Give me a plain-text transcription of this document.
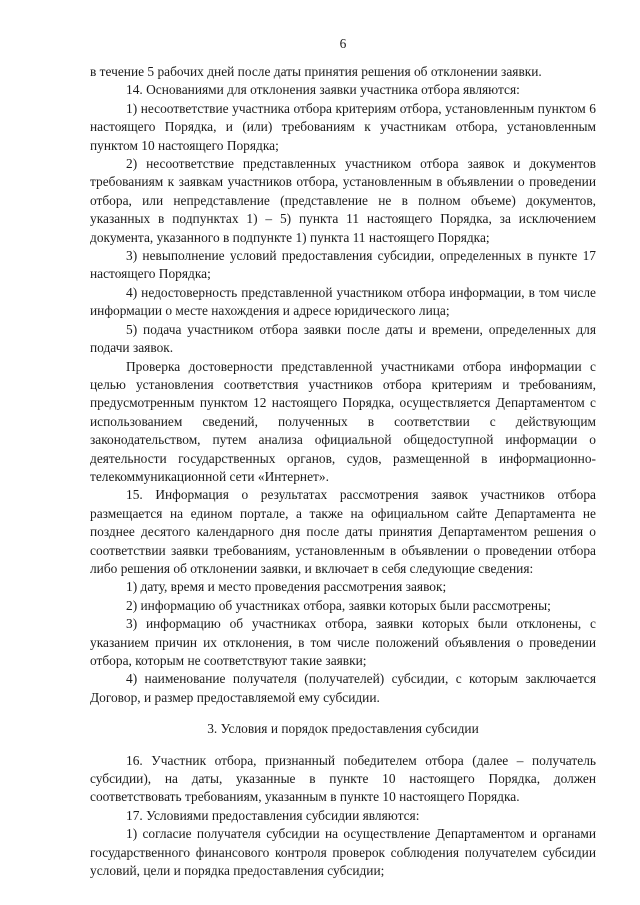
6

в течение 5 рабочих дней после даты принятия решения об отклонении заявки.

14. Основаниями для отклонения заявки участника отбора являются:

1) несоответствие участника отбора критериям отбора, установленным пунктом 6 настоящего Порядка, и (или) требованиям к участникам отбора, установленным пунктом 10 настоящего Порядка;

2) несоответствие представленных участником отбора заявок и документов требованиям к заявкам участников отбора, установленным в объявлении о проведении отбора, или непредставление (представление не в полном объеме) документов, указанных в подпунктах 1) – 5) пункта 11 настоящего Порядка, за исключением документа, указанного в подпункте 1) пункта 11 настоящего Порядка;

3) невыполнение условий предоставления субсидии, определенных в пункте 17 настоящего Порядка;

4) недостоверность представленной участником отбора информации, в том числе информации о месте нахождения и адресе юридического лица;

5) подача участником отбора заявки после даты и времени, определенных для подачи заявок.

Проверка достоверности представленной участниками отбора информации с целью установления соответствия участников отбора критериям и требованиям, предусмотренным пунктом 12 настоящего Порядка, осуществляется Департаментом с использованием сведений, полученных в соответствии с действующим законодательством, путем анализа официальной общедоступной информации о деятельности государственных органов, судов, размещенной в информационно-телекоммуникационной сети «Интернет».

15. Информация о результатах рассмотрения заявок участников отбора размещается на едином портале, а также на официальном сайте Департамента не позднее десятого календарного дня после даты принятия Департаментом решения о соответствии заявки требованиям, установленным в объявлении о проведении отбора либо решения об отклонении заявки, и включает в себя следующие сведения:

1) дату, время и место проведения рассмотрения заявок;

2) информацию об участниках отбора, заявки которых были рассмотрены;

3) информацию об участниках отбора, заявки которых были отклонены, с указанием причин их отклонения, в том числе положений объявления о проведении отбора, которым не соответствуют такие заявки;

4) наименование получателя (получателей) субсидии, с которым заключается Договор, и размер предоставляемой ему субсидии.

3. Условия и порядок предоставления субсидии

16. Участник отбора, признанный победителем отбора (далее – получатель субсидии), на даты, указанные в пункте 10 настоящего Порядка, должен соответствовать требованиям, указанным в пункте 10 настоящего Порядка.

17. Условиями предоставления субсидии являются:

1) согласие получателя субсидии на осуществление Департаментом и органами государственного финансового контроля проверок соблюдения получателем субсидии условий, цели и порядка предоставления субсидии;
